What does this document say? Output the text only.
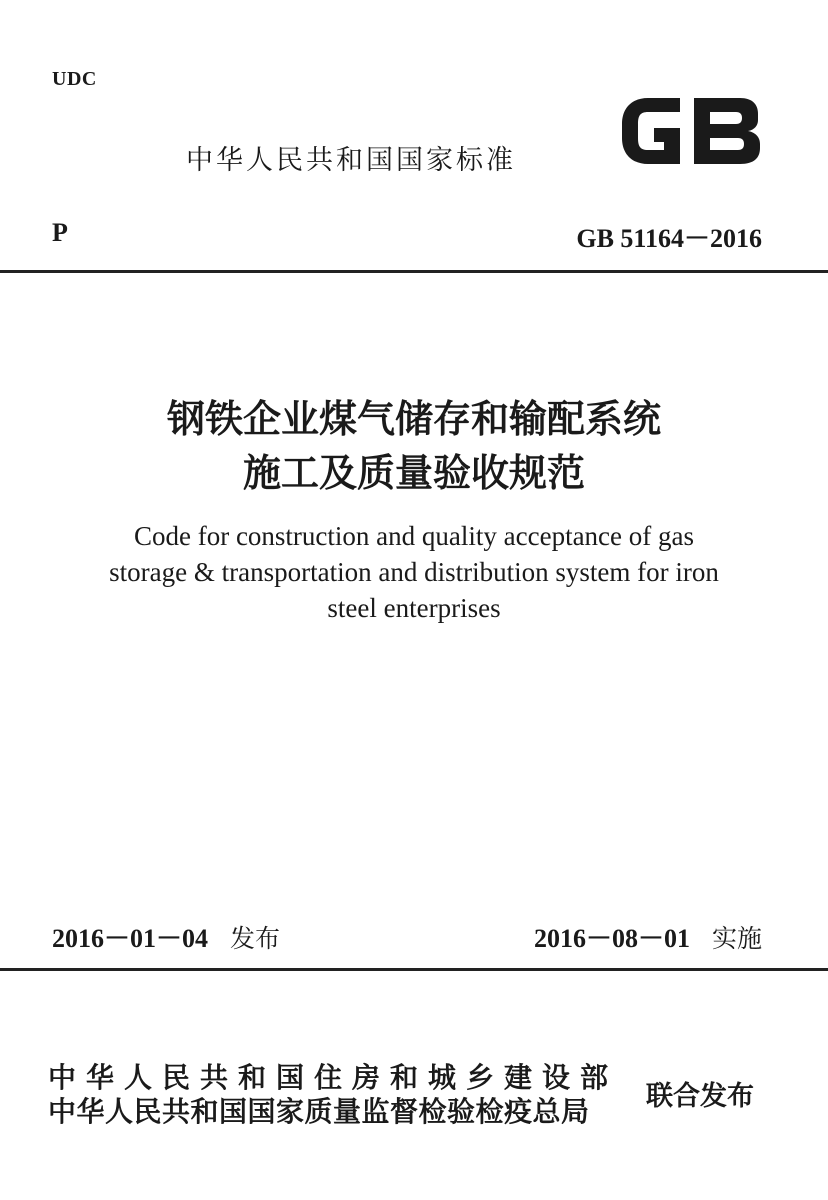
UDC
中华人民共和国国家标准
P	GB 51164－2016
钢铁企业煤气储存和输配系统
施工及质量验收规范
Code for construction and quality acceptance of gas
storage & transportation and distribution system for iron
steel enterprises
2016－01－04 发布	2016－08－01 实施
中华人民共和国住房和城乡建设部
中华人民共和国国家质量监督检验检疫总局 联合发布
